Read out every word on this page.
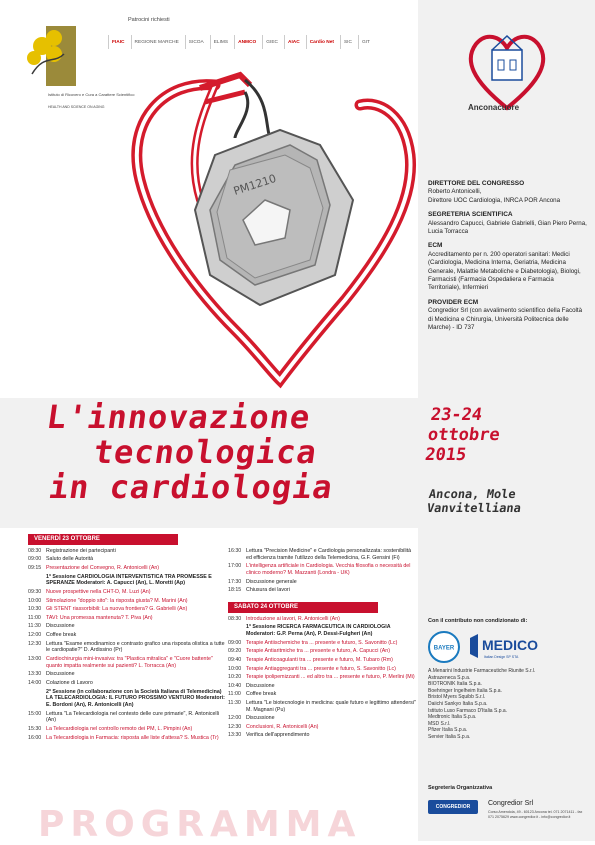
Istituto di Ricovero e Cura a Carattere Scientifico
HEALTH AND SCIENCE ON AGING
Patrocini richiesti
FIAIC	REGIONE MARCHE	SICOA	ELIMS	ANMCO	GIEC	AIAC	Cardio Net	SIC	GIT
Anconacuore
PM1210	DIRETTORE DEL CONGRESSO
Roberto Antonicelli,
Direttore UOC Cardiologia, INRCA POR Ancona
SEGRETERIA SCIENTIFICA
Alessandro Capucci, Gabriele Gabrielli, Gian Piero Perna, Lucia Torracca
ECM
Accreditamento per n. 200 operatori sanitari: Medici (Cardiologia, Medicina Interna, Geriatria, Medicina Generale, Malattie Metaboliche e Diabetologia), Biologi, Farmacisti (Farmacia Ospedaliera e Farmacia Territoriale), Infermieri
PROVIDER ECM
Congredior Srl (con avvalimento scientifico della Facoltà di Medicina e Chirurgia, Università Politecnica delle Marche) - ID 737
L'innovazione
tecnologica
in cardiologia
23-24
ottobre
2015
Ancona, Mole
Vanvitelliana
PROGRAMMA
VENERDÌ 23 OTTOBRE
08:30 Registrazione dei partecipanti
09:00 Saluto delle Autorità
09:15 Presentazione del Convegno, R. Antonicelli (An)
1ª Sessione CARDIOLOGIA INTERVENTISTICA TRA PROMESSE E SPERANZE Moderatori: A. Capucci (An), L. Moretti (Ap)
09:30 Nuove prospettive nella CHT-D, M. Luzi (An)
10:00 Stimolazione "doppio sito": la risposta giusta? M. Marini (An)
10:30 Gli STENT riassorbibili: La nuova frontiera? G. Gabrielli (An)
11:00 TAVI: Una promessa mantenuta? T. Piva (An)
11:30 Discussione
12:00 Coffee break
12:30 Lettura "Esame emodinamico e contrasto grafico una risposta olistica a tutte le cardiopatie?" D. Ardissino (Pr)
13:00 Cardiochirurgia mini-invasiva: tra "Plastica mitralica" e "Cuore battente" quanto impatta realmente sui pazienti? L. Torracca (An)
13:30 Discussione
14:00 Colazione di Lavoro
2ª Sessione (in collaborazione con la Società Italiana di Telemedicina) LA TELECARDIOLOGIA: IL FUTURO PROSSIMO VENTURO Moderatori: E. Bordoni (An), R. Antonicelli (An)
15:00 Lettura "La Telecardiologia nel contesto delle cure primarie", R. Antonicelli (An)
15:30 La Telecardiologia nel controllo remoto dei PM, L. Pimpini (An)
16:00 La Telecardiologia in Farmacia: risposta alle liste d'attesa? S. Mustica (Tr)
16:30 Lettura "Precision Medicine" e Cardiologia personalizzata: sostenibilità ed efficienza tramite l'utilizzo della Telemedicina, G.F. Gensini (Fi)
17:00 L'intelligenza artificiale in Cardiologia. Vecchia filosofia o necessità del clinico moderno? M. Mazzanti (Londra - UK)
17:30 Discussione generale
18:15 Chiusura dei lavori
SABATO 24 OTTOBRE
08:30 Introduzione ai lavori, R. Antonicelli (An)
1ª Sessione RICERCA FARMACEUTICA IN CARDIOLOGIA Moderatori: G.P. Perna (An), P. Dessì-Fulgheri (An)
09:00 Terapie Antiischemiche tra ... presente e futuro, S. Savonitto (Lc)
09:20 Terapie Antiaritmiche tra ... presente e futuro, A. Capucci (An)
09:40 Terapie Anticoagulanti tra ... presente e futuro, M. Tubaro (Rm)
10:00 Terapie Antiaggreganti tra ... presente e futuro, S. Savonitto (Lc)
10:20 Terapie ipolipemizzanti ... ed altro tra ... presente e futuro, P. Merlini (Mi)
10:40 Discussione
11:00 Coffee break
11:30 Lettura "Le biotecnologie in medicina: quale futuro e legittimo attendersi" M. Magnani (Pu)
12:00 Discussione
12:30 Conclusioni, R. Antonicelli (An)
13:30 Verifica dell'apprendimento
Con il contributo non condizionato di:
BAYER MEDICO
Italian Design SP STA
A.Menarini Industrie Farmaceutiche Riunite S.r.l.
Astrazeneca S.p.a.
BIOTRONIK Italia S.p.a.
Boehringer Ingelheim Italia S.p.a.
Bristol Myers Squibb S.r.l.
Daiichi Sankyo Italia S.p.a.
Istituto Luso Farmaco D'Italia S.p.a.
Medtronic Italia S.p.a.
MSD S.r.l.
Pfizer Italia S.p.a.
Servier Italia S.p.a.
Segreteria Organizzativa
CONGREDIOR	Congredior Srl
Corso Amendola, 49 - 60123 Ancona tel. 071 2071411 - fax 071 2075629 www.congredior.it - info@congredior.it
